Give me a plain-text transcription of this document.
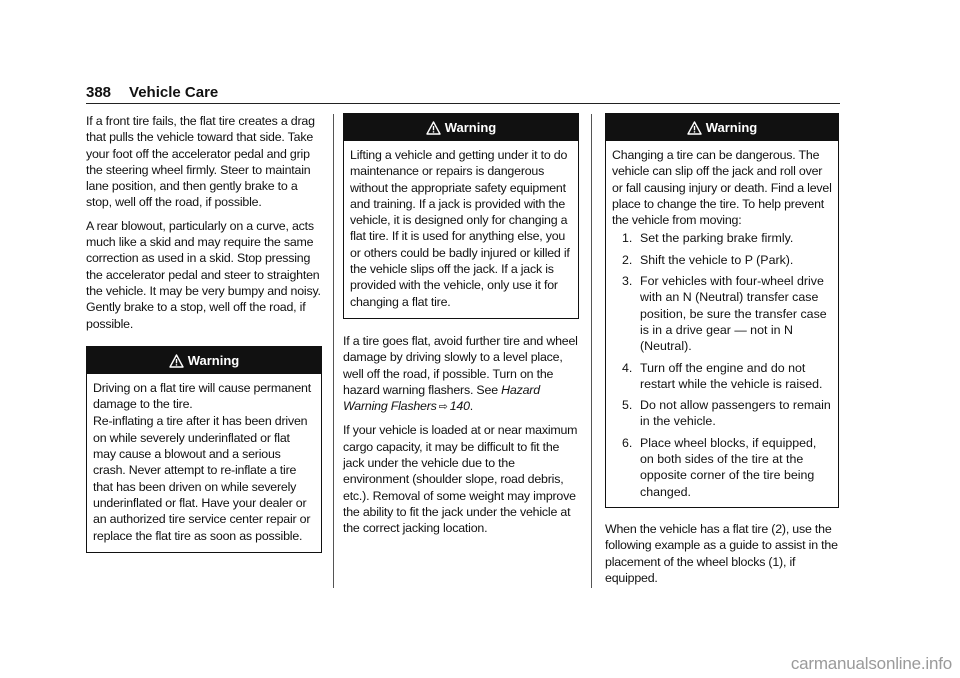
388 Vehicle Care

If a front tire fails, the flat tire creates a drag that pulls the vehicle toward that side. Take your foot off the accelerator pedal and grip the steering wheel firmly. Steer to maintain lane position, and then gently brake to a stop, well off the road, if possible.

A rear blowout, particularly on a curve, acts much like a skid and may require the same correction as used in a skid. Stop pressing the accelerator pedal and steer to straighten the vehicle. It may be very bumpy and noisy. Gently brake to a stop, well off the road, if possible.

Warning

Driving on a flat tire will cause permanent damage to the tire.

Re-inflating a tire after it has been driven on while severely underinflated or flat may cause a blowout and a serious crash. Never attempt to re-inflate a tire that has been driven on while severely underinflated or flat. Have your dealer or an authorized tire service center repair or replace the flat tire as soon as possible.

Warning

Lifting a vehicle and getting under it to do maintenance or repairs is dangerous without the appropriate safety equipment and training. If a jack is provided with the vehicle, it is designed only for changing a flat tire. If it is used for anything else, you or others could be badly injured or killed if the vehicle slips off the jack. If a jack is provided with the vehicle, only use it for changing a flat tire.

If a tire goes flat, avoid further tire and wheel damage by driving slowly to a level place, well off the road, if possible. Turn on the hazard warning flashers. See Hazard Warning Flashers ⇨ 140.

If your vehicle is loaded at or near maximum cargo capacity, it may be difficult to fit the jack under the vehicle due to the environment (shoulder slope, road debris, etc.). Removal of some weight may improve the ability to fit the jack under the vehicle at the correct jacking location.

Warning

Changing a tire can be dangerous. The vehicle can slip off the jack and roll over or fall causing injury or death. Find a level place to change the tire. To help prevent the vehicle from moving:

1. Set the parking brake firmly.
2. Shift the vehicle to P (Park).
3. For vehicles with four-wheel drive with an N (Neutral) transfer case position, be sure the transfer case is in a drive gear — not in N (Neutral).
4. Turn off the engine and do not restart while the vehicle is raised.
5. Do not allow passengers to remain in the vehicle.
6. Place wheel blocks, if equipped, on both sides of the tire at the opposite corner of the tire being changed.

When the vehicle has a flat tire (2), use the following example as a guide to assist in the placement of the wheel blocks (1), if equipped.

carmanualsonline.info
